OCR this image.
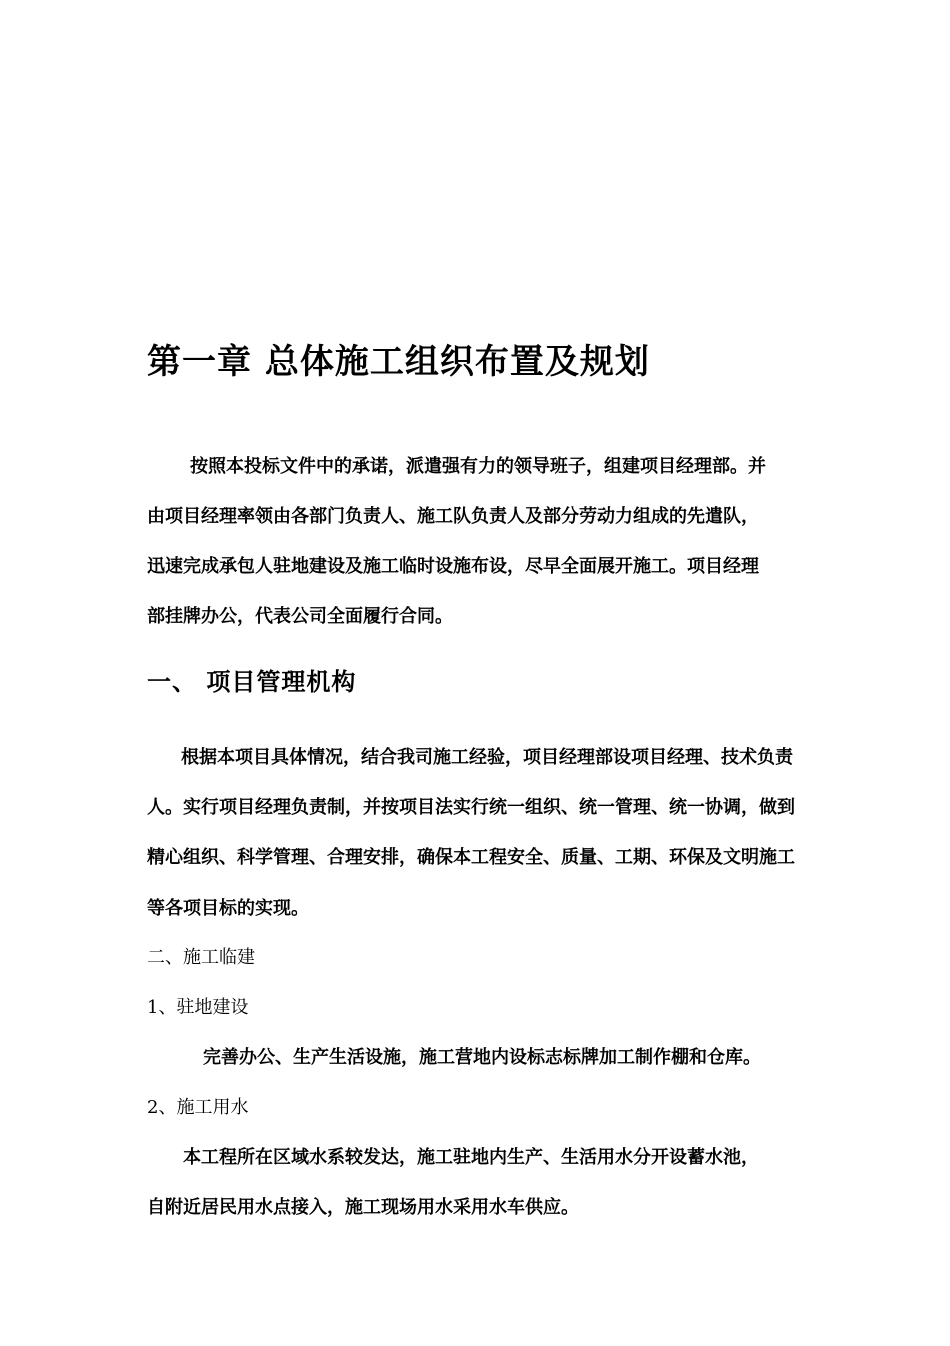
第一章 总体施工组织布置及规划

按照本投标文件中的承诺，派遣强有力的领导班子，组建项目经理部。并

由项目经理率领由各部门负责人、施工队负责人及部分劳动力组成的先遣队，

迅速完成承包人驻地建设及施工临时设施布设，尽早全面展开施工。项目经理

部挂牌办公，代表公司全面履行合同。

一、 项目管理机构

根据本项目具体情况，结合我司施工经验，项目经理部设项目经理、技术负责

人。实行项目经理负责制，并按项目法实行统一组织、统一管理、统一协调，做到

精心组织、科学管理、合理安排，确保本工程安全、质量、工期、环保及文明施工

等各项目标的实现。

二、施工临建

1、驻地建设

完善办公、生产生活设施，施工营地内设标志标牌加工制作棚和仓库。

2、施工用水

本工程所在区域水系较发达，施工驻地内生产、生活用水分开设蓄水池，

自附近居民用水点接入，施工现场用水采用水车供应。
